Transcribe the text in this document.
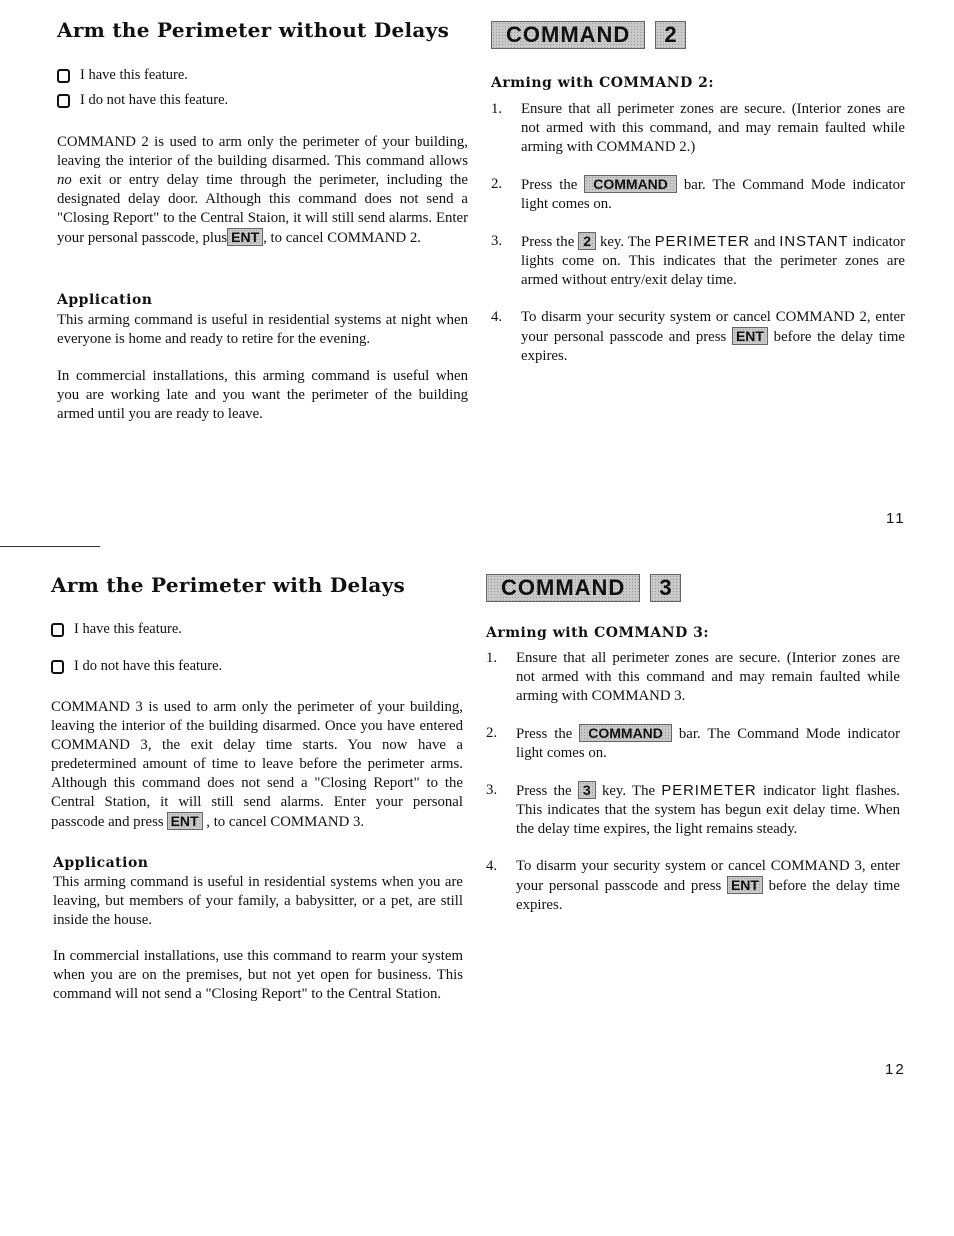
Arm the Perimeter without Delays
I have this feature.
I do not have this feature.
COMMAND 2 is used to arm only the perimeter of your building, leaving the interior of the building disarmed. This command allows no exit or entry delay time through the perimeter, including the designated delay door. Although this command does not send a "Closing Report" to the Central Staion, it will still send alarms. Enter your personal passcode, plus ENT , to cancel COMMAND 2.
Application
This arming command is useful in residential systems at night when everyone is home and ready to retire for the evening.
In commercial installations, this arming command is useful when you are working late and you want the perimeter of the building armed until you are ready to leave.
COMMAND 2
Arming with COMMAND 2:
1.	Ensure that all perimeter zones are secure. (Interior zones are not armed with this command, and may remain faulted while arming with COMMAND 2.)
2.	Press the COMMAND bar. The Command Mode indicator light comes on.
3.	Press the 2 key. The PERIMETER and INSTANT indicator lights come on. This indicates that the perimeter zones are armed without entry/exit delay time.
4.	To disarm your security system or cancel COMMAND 2, enter your personal passcode and press ENT before the delay time expires.
11
Arm the Perimeter with Delays
I have this feature.
I do not have this feature.
COMMAND 3 is used to arm only the perimeter of your building, leaving the interior of the building disarmed. Once you have entered COMMAND 3, the exit delay time starts. You now have a predetermined amount of time to leave before the perimeter arms. Although this command does not send a "Closing Report" to the Central Station, it will still send alarms. Enter your personal passcode and press ENT , to cancel COMMAND 3.
Application
This arming command is useful in residential systems when you are leaving, but members of your family, a babysitter, or a pet, are still inside the house.
In commercial installations, use this command to rearm your system when you are on the premises, but not yet open for business. This command will not send a "Closing Report" to the Central Station.
COMMAND 3
Arming with COMMAND 3:
1.	Ensure that all perimeter zones are secure. (Interior zones are not armed with this command and may remain faulted while arming with COMMAND 3.
2.	Press the COMMAND bar. The Command Mode indicator light comes on.
3.	Press the 3 key. The PERIMETER indicator light flashes. This indicates that the system has begun exit delay time. When the delay time expires, the light remains steady.
4.	To disarm your security system or cancel COMMAND 3, enter your personal passcode and press ENT before the delay time expires.
12
